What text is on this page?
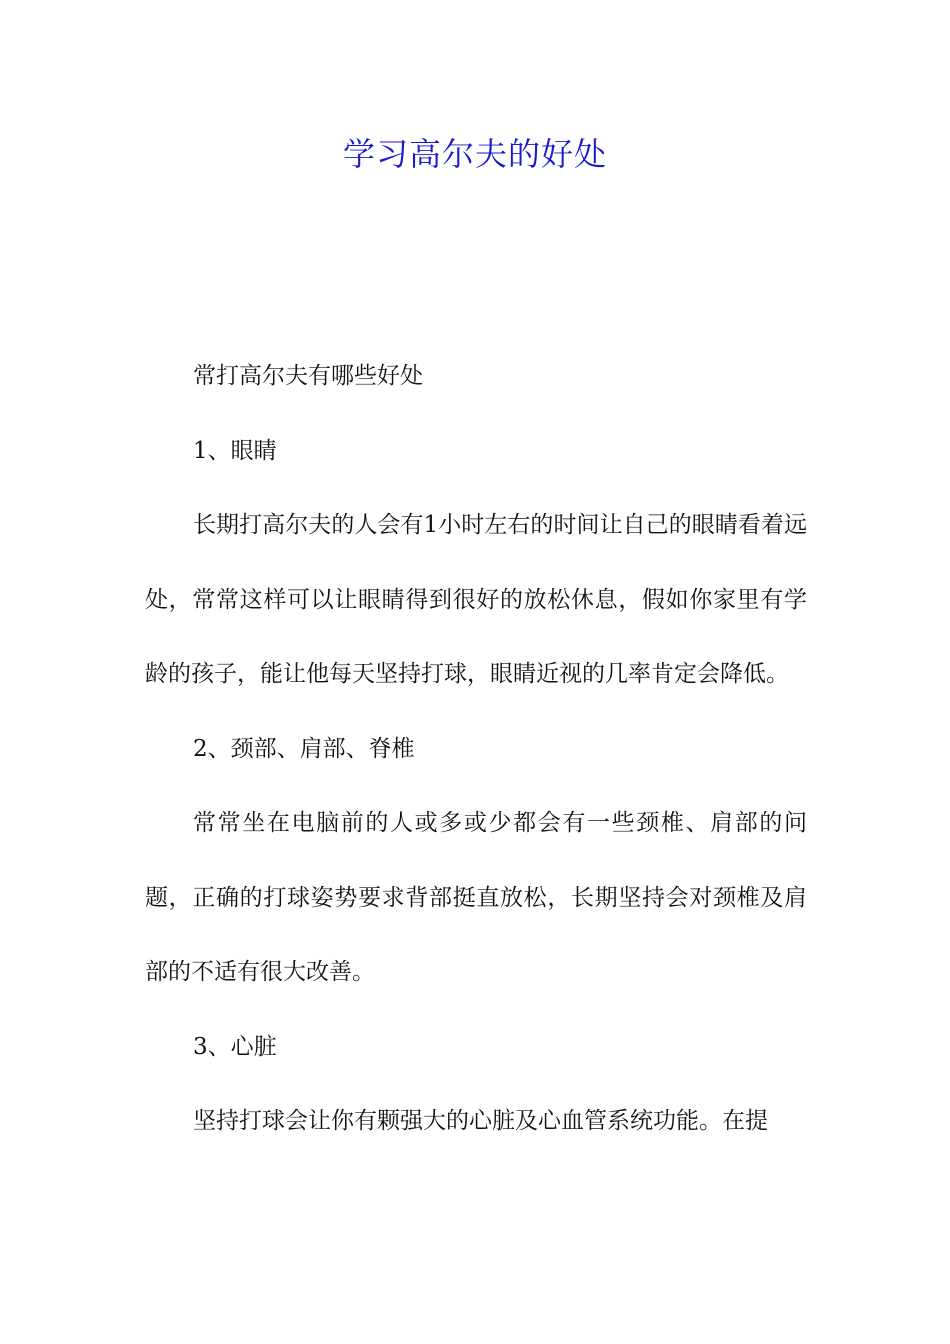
学习高尔夫的好处

常打高尔夫有哪些好处

1、眼睛

长期打高尔夫的人会有1小时左右的时间让自己的眼睛看着远处，常常这样可以让眼睛得到很好的放松休息，假如你家里有学龄的孩子，能让他每天坚持打球，眼睛近视的几率肯定会降低。

2、颈部、肩部、脊椎

常常坐在电脑前的人或多或少都会有一些颈椎、肩部的问题，正确的打球姿势要求背部挺直放松，长期坚持会对颈椎及肩部的不适有很大改善。

3、心脏

坚持打球会让你有颗强大的心脏及心血管系统功能。在提
